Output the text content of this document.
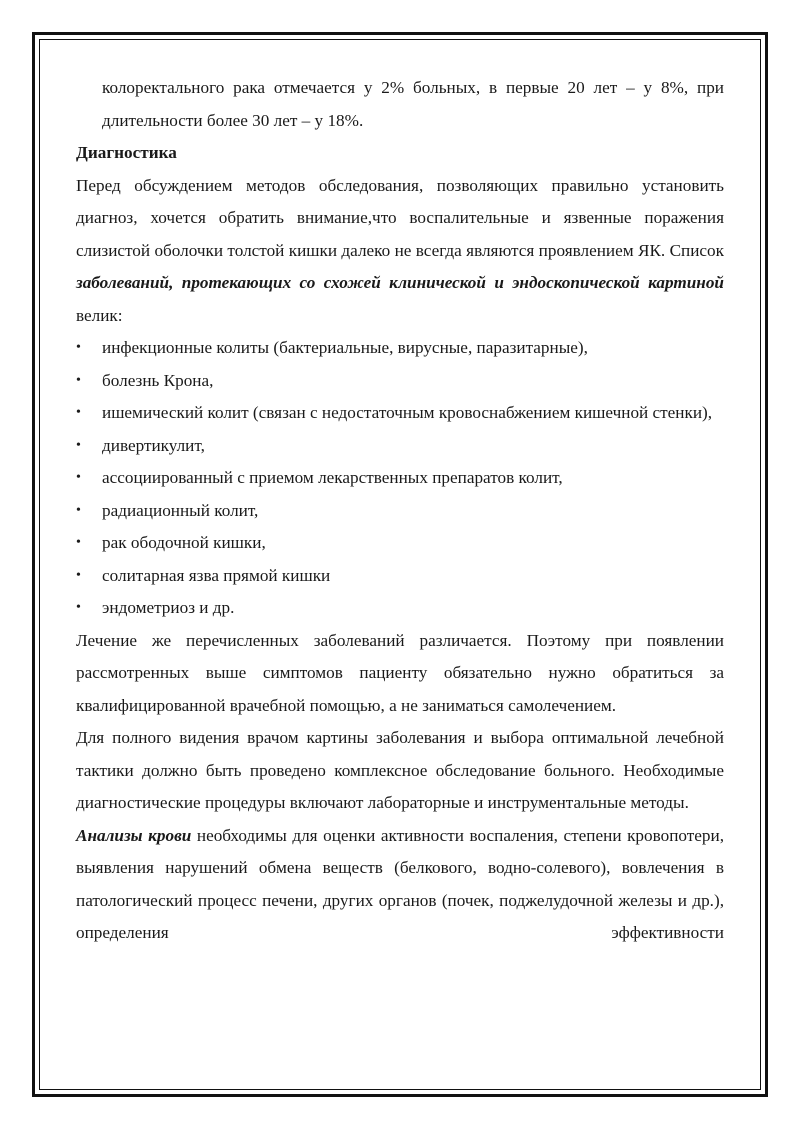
колоректального рака отмечается у 2% больных, в первые 20 лет – у 8%, при длительности более 30 лет – у 18%.

Диагностика

Перед обсуждением методов обследования, позволяющих правильно установить диагноз, хочется обратить внимание,что воспалительные и язвенные поражения слизистой оболочки толстой кишки далеко не всегда являются проявлением ЯК. Список заболеваний, протекающих со схожей клинической и эндоскопической картиной велик:

•	инфекционные колиты (бактериальные, вирусные, паразитарные),
•	болезнь Крона,
•	ишемический колит (связан с недостаточным кровоснабжением кишечной стенки),
•	дивертикулит,
•	ассоциированный с приемом лекарственных препаратов колит,
•	радиационный колит,
•	рак ободочной кишки,
•	солитарная язва прямой кишки
•	эндометриоз и др.

Лечение же перечисленных заболеваний различается. Поэтому при появлении рассмотренных выше симптомов пациенту обязательно нужно обратиться за квалифицированной врачебной помощью, а не заниматься самолечением.

Для полного видения врачом картины заболевания и выбора оптимальной лечебной тактики должно быть проведено комплексное обследование больного. Необходимые диагностические процедуры включают лабораторные и инструментальные методы.

Анализы крови необходимы для оценки активности воспаления, степени кровопотери, выявления нарушений обмена веществ (белкового, водно-солевого), вовлечения в патологический процесс печени, других органов (почек, поджелудочной железы и др.), определения эффективности
